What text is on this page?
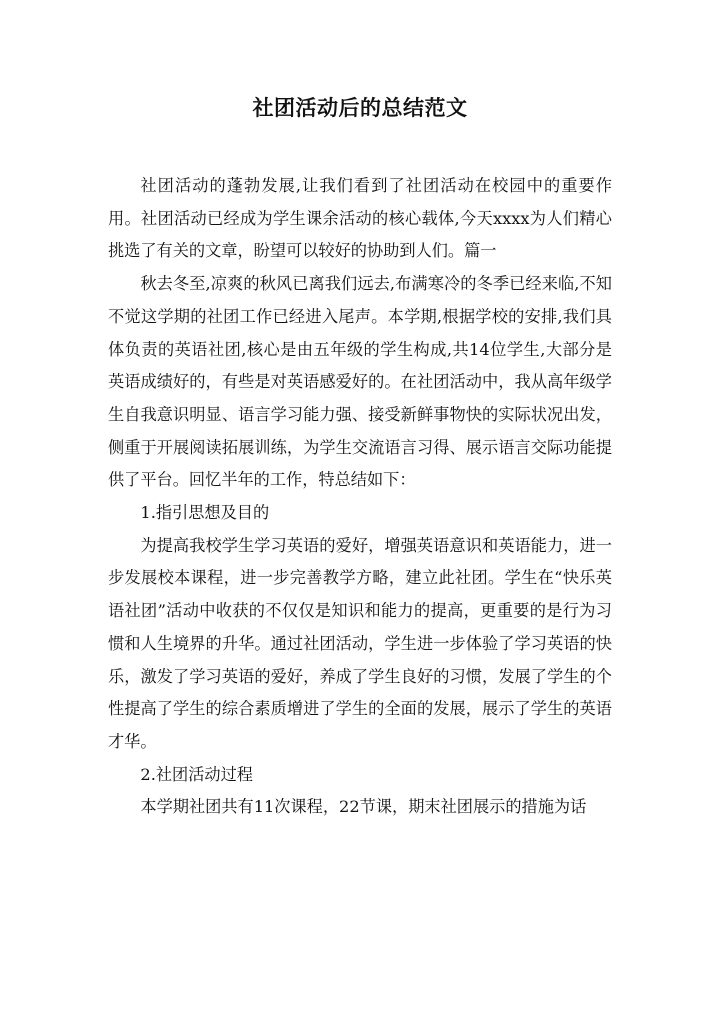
社团活动后的总结范文

社团活动的蓬勃发展,让我们看到了社团活动在校园中的重要作用。社团活动已经成为学生课余活动的核心载体,今天xxxx为人们精心挑选了有关的文章，盼望可以较好的协助到人们。篇一

秋去冬至,凉爽的秋风已离我们远去,布满寒冷的冬季已经来临,不知不觉这学期的社团工作已经进入尾声。本学期,根据学校的安排,我们具体负责的英语社团,核心是由五年级的学生构成,共14位学生,大部分是英语成绩好的，有些是对英语感爱好的。在社团活动中，我从高年级学生自我意识明显、语言学习能力强、接受新鲜事物快的实际状况出发，侧重于开展阅读拓展训练，为学生交流语言习得、展示语言交际功能提供了平台。回忆半年的工作，特总结如下：

1.指引思想及目的

为提高我校学生学习英语的爱好，增强英语意识和英语能力，进一步发展校本课程，进一步完善教学方略，建立此社团。学生在“快乐英语社团”活动中收获的不仅仅是知识和能力的提高，更重要的是行为习惯和人生境界的升华。通过社团活动，学生进一步体验了学习英语的快乐，激发了学习英语的爱好，养成了学生良好的习惯，发展了学生的个性提高了学生的综合素质增进了学生的全面的发展，展示了学生的英语才华。

2.社团活动过程

本学期社团共有11次课程，22节课，期末社团展示的措施为话
